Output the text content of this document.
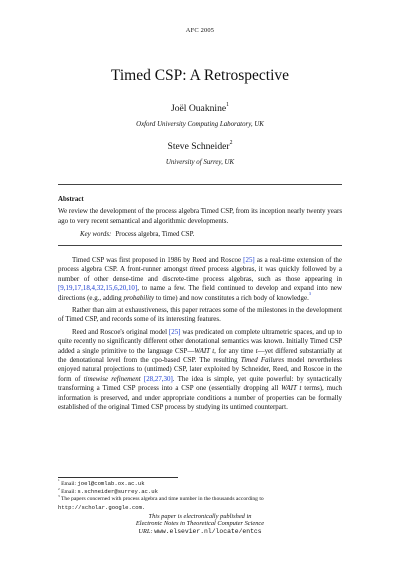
AFC 2005
Timed CSP: A Retrospective
Joël Ouaknine$^1$
Oxford University Computing Laboratory, UK
Steve Schneider$^2$
University of Surrey, UK
Abstract
We review the development of the process algebra Timed CSP, from its inception nearly twenty years ago to very recent semantical and algorithmic developments.
Key words: Process algebra, Timed CSP.

Timed CSP was first proposed in 1986 by Reed and Roscoe [25] as a real-time extension of the process algebra CSP. A front-runner amongst timed process algebras, it was quickly followed by a number of other dense-time and discrete-time process algebras, such as those appearing in [9,19,17,18,4,32,15,6,20,10], to name a few. The field continued to develop and expand into new directions (e.g., adding probability to time) and now constitutes a rich body of knowledge.$^3$

Rather than aim at exhaustiveness, this paper retraces some of the milestones in the development of Timed CSP, and records some of its interesting features.

Reed and Roscoe's original model [25] was predicated on complete ultrametric spaces, and up to quite recently no significantly different other denotational semantics was known. Initially Timed CSP added a single primitive to the language CSP—WAIT t, for any time t—yet differed substantially at the denotational level from the cpo-based CSP. The resulting Timed Failures model nevertheless enjoyed natural projections to (untimed) CSP, later exploited by Schneider, Reed, and Roscoe in the form of timewise refinement [28,27,30]. The idea is simple, yet quite powerful: by syntactically transforming a Timed CSP process into a CSP one (essentially dropping all WAIT t terms), much information is preserved, and under appropriate conditions a number of properties can be formally established of the original Timed CSP process by studying its untimed counterpart.

$^1$ Email: joel@comlab.ox.ac.uk
$^2$ Email: s.schneider@surrey.ac.uk
$^3$ The papers concerned with process algebra and time number in the thousands according to
http://scholar.google.com.
This paper is electronically published in
Electronic Notes in Theoretical Computer Science
URL: www.elsevier.nl/locate/entcs
